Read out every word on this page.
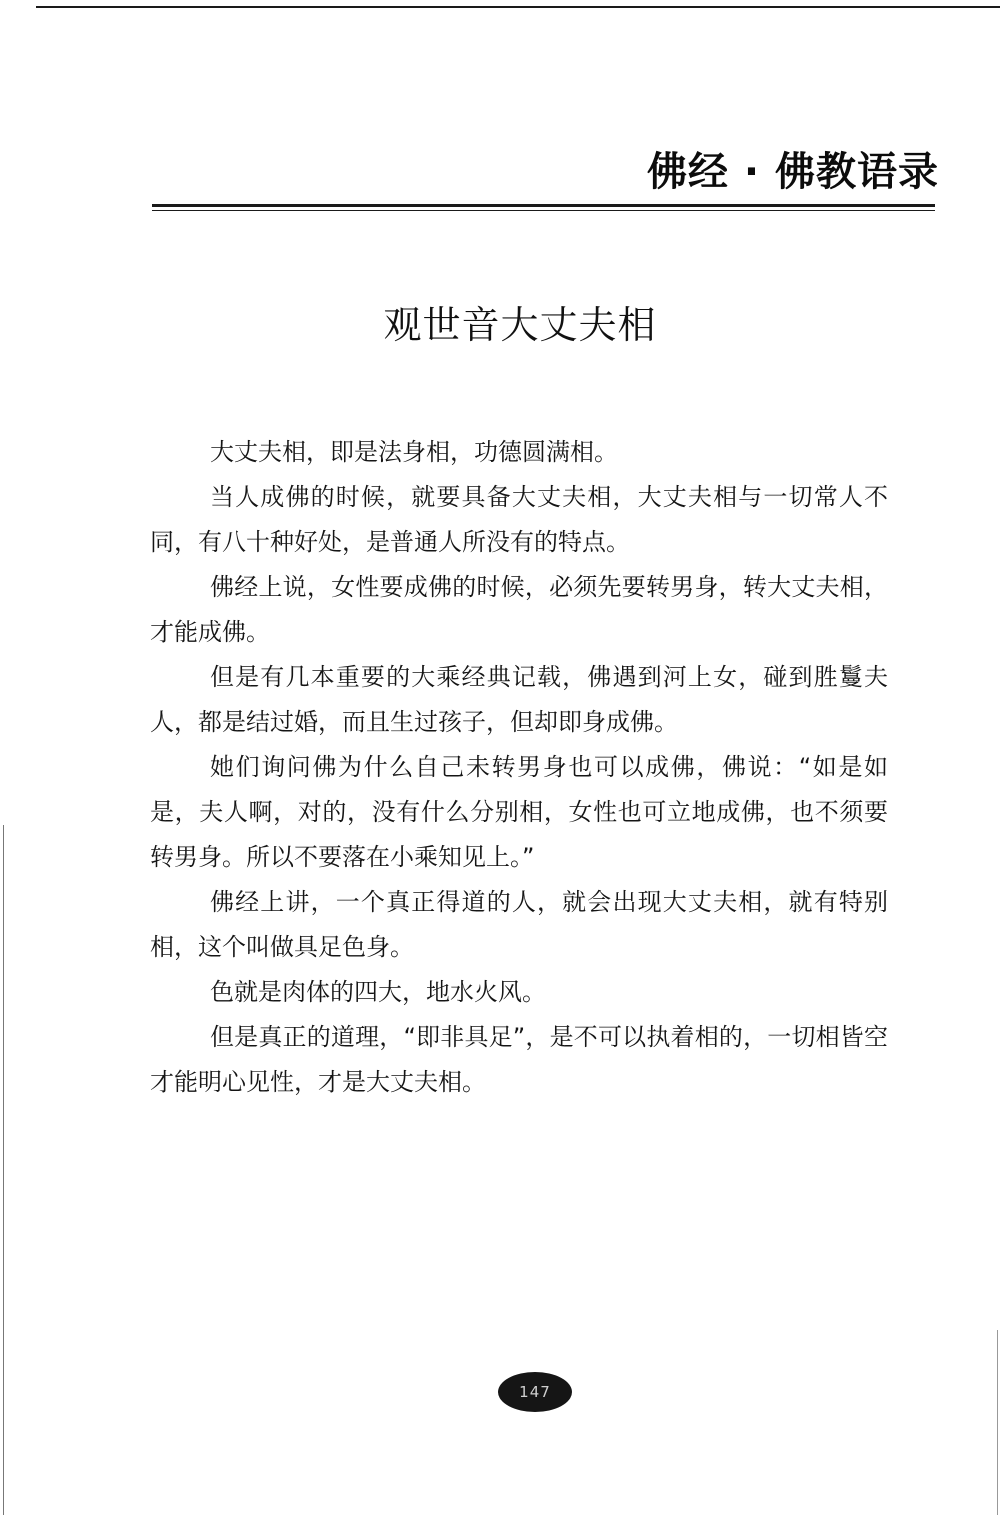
佛经 · 佛教语录
观世音大丈夫相

大丈夫相，即是法身相，功德圆满相。

当人成佛的时候，就要具备大丈夫相，大丈夫相与一切常人不同，有八十种好处，是普通人所没有的特点。

佛经上说，女性要成佛的时候，必须先要转男身，转大丈夫相，才能成佛。

但是有几本重要的大乘经典记载，佛遇到河上女，碰到胜鬘夫人，都是结过婚，而且生过孩子，但却即身成佛。

她们询问佛为什么自己未转男身也可以成佛，佛说：“如是如是，夫人啊，对的，没有什么分别相，女性也可立地成佛，也不须要转男身。所以不要落在小乘知见上。”

佛经上讲，一个真正得道的人，就会出现大丈夫相，就有特别相，这个叫做具足色身。

色就是肉体的四大，地水火风。

但是真正的道理，“即非具足”，是不可以执着相的，一切相皆空才能明心见性，才是大丈夫相。

147
